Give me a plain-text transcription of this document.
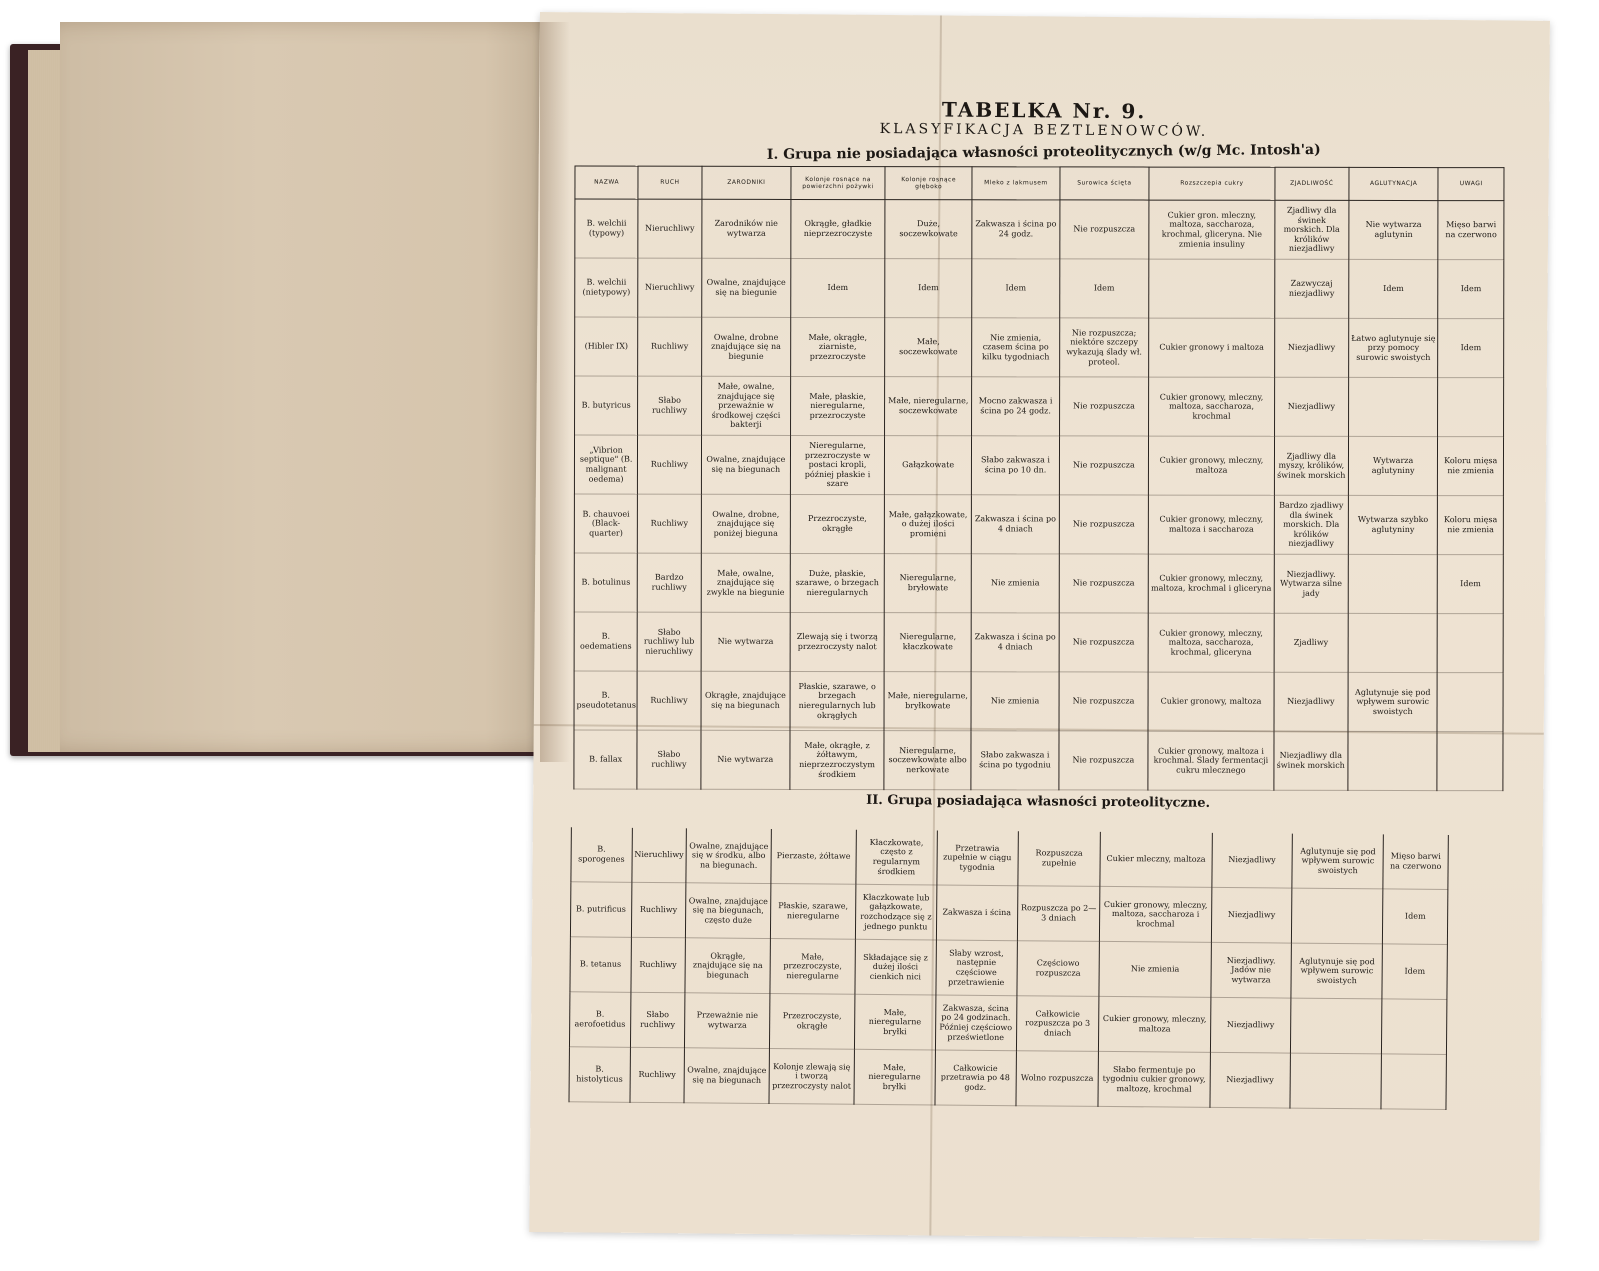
TABELKA Nr. 9.
KLASYFIKACJA BEZTLENOWCÓW.
I. Grupa nie posiadająca własności proteolitycznych (w/g Mc. Intosh'a)
NAZWA	RUCH	ZARODNIKI	Kolonje rosnące na powierzchni pożywki	Kolonje rosnące głęboko	Mleko z lakmusem	Surowica ścięta	Rozszczepia cukry	ZJADLIWOŚĆ	AGLUTYNACJA	UWAGI
B. welchii (typowy)	Nieruchliwy	Zarodników nie wytwarza	Okrągłe, gładkie nieprzezroczyste	Duże, soczewkowate	Zakwasza i ścina po 24 godz.	Nie rozpuszcza	Cukier gron. mleczny, maltoza, saccharoza, krochmal, gliceryna. Nie zmienia insuliny	Zjadliwy dla świnek morskich. Dla królików niezjadliwy	Nie wytwarza aglutynin	Mięso barwi na czerwono
B. welchii (nietypowy)	Nieruchliwy	Owalne, znajdujące się na biegunie	Idem	Idem	Idem	Idem		Zazwyczaj niezjadliwy	Idem	Idem
(Hibler IX)	Ruchliwy	Owalne, drobne znajdujące się na biegunie	Małe, okrągłe, ziarniste, przezroczyste	Małe, soczewkowate	Nie zmienia, czasem ścina po kilku tygodniach	Nie rozpuszcza; niektóre szczepy wykazują ślady wł. proteol.	Cukier gronowy i maltoza	Niezjadliwy	Łatwo aglutynuje się przy pomocy surowic swoistych	Idem
B. butyricus	Słabo ruchliwy	Małe, owalne, znajdujące się przeważnie w środkowej części bakterji	Małe, płaskie, nieregularne, przezroczyste	Małe, nieregularne, soczewkowate	Mocno zakwasza i ścina po 24 godz.	Nie rozpuszcza	Cukier gronowy, mleczny, maltoza, saccharoza, krochmal	Niezjadliwy		
„Vibrion septique" (B. malignant oedema)	Ruchliwy	Owalne, znajdujące się na biegunach	Nieregularne, przezroczyste w postaci kropli, później płaskie i szare	Gałązkowate	Słabo zakwasza i ścina po 10 dn.	Nie rozpuszcza	Cukier gronowy, mleczny, maltoza	Zjadliwy dla myszy, królików, świnek morskich	Wytwarza aglutyniny	Koloru mięsa nie zmienia
B. chauvoei (Black-quarter)	Ruchliwy	Owalne, drobne, znajdujące się poniżej bieguna	Przezroczyste, okrągłe	Małe, gałązkowate, o dużej ilości promieni	Zakwasza i ścina po 4 dniach	Nie rozpuszcza	Cukier gronowy, mleczny, maltoza i saccharoza	Bardzo zjadliwy dla świnek morskich. Dla królików niezjadliwy	Wytwarza szybko aglutyniny	Koloru mięsa nie zmienia
B. botulinus	Bardzo ruchliwy	Małe, owalne, znajdujące się zwykle na biegunie	Duże, płaskie, szarawe, o brzegach nieregularnych	Nieregularne, bryłowate	Nie zmienia	Nie rozpuszcza	Cukier gronowy, mleczny, maltoza, krochmal i gliceryna	Niezjadliwy. Wytwarza silne jady		Idem
B. oedematiens	Słabo ruchliwy lub nieruchliwy	Nie wytwarza	Zlewają się i tworzą przezroczysty nalot	Nieregularne, kłaczkowate	Zakwasza i ścina po 4 dniach	Nie rozpuszcza	Cukier gronowy, mleczny, maltoza, saccharoza, krochmal, gliceryna	Zjadliwy		
B. pseudotetanus	Ruchliwy	Okrągłe, znajdujące się na biegunach	Płaskie, szarawe, o brzegach nieregularnych lub okrągłych	Małe, nieregularne, bryłkowate	Nie zmienia	Nie rozpuszcza	Cukier gronowy, maltoza	Niezjadliwy	Aglutynuje się pod wpływem surowic swoistych	
B. fallax	Słabo ruchliwy	Nie wytwarza	Małe, okrągłe, z żółtawym, nieprzezroczystym środkiem	Nieregularne, soczewkowate albo nerkowate	Słabo zakwasza i ścina po tygodniu	Nie rozpuszcza	Cukier gronowy, maltoza i krochmal. Ślady fermentacji cukru mlecznego	Niezjadliwy dla świnek morskich		
II. Grupa posiadająca własności proteolityczne.
B. sporogenes	Nieruchliwy	Owalne, znajdujące się w środku, albo na biegunach.	Pierzaste, żółtawe	Kłaczkowate, często z regularnym środkiem	Przetrawia zupełnie w ciągu tygodnia	Rozpuszcza zupełnie	Cukier mleczny, maltoza	Niezjadliwy	Aglutynuje się pod wpływem surowic swoistych	Mięso barwi na czerwono
B. putrificus	Ruchliwy	Owalne, znajdujące się na biegunach, często duże	Płaskie, szarawe, nieregularne	Kłaczkowate lub gałązkowate, rozchodzące się z jednego punktu	Zakwasza i ścina	Rozpuszcza po 2—3 dniach	Cukier gronowy, mleczny, maltoza, saccharoza i krochmal	Niezjadliwy		Idem
B. tetanus	Ruchliwy	Okrągłe, znajdujące się na biegunach	Małe, przezroczyste, nieregularne	Składające się z dużej ilości cienkich nici	Słaby wzrost, następnie częściowe przetrawienie	Częściowo rozpuszcza	Nie zmienia	Niezjadliwy. Jadów nie wytwarza	Aglutynuje się pod wpływem surowic swoistych	Idem
B. aerofoetidus	Słabo ruchliwy	Przeważnie nie wytwarza	Przezroczyste, okrągłe	Małe, nieregularne bryłki	Zakwasza, ścina po 24 godzinach. Później częściowo prześwietlone	Całkowicie rozpuszcza po 3 dniach	Cukier gronowy, mleczny, maltoza	Niezjadliwy		
B. histolyticus	Ruchliwy	Owalne, znajdujące się na biegunach	Kolonje zlewają się i tworzą przezroczysty nalot	Małe, nieregularne bryłki	Całkowicie przetrawia po 48 godz.	Wolno rozpuszcza	Słabo fermentuje po tygodniu cukier gronowy, maltozę, krochmal	Niezjadliwy		
